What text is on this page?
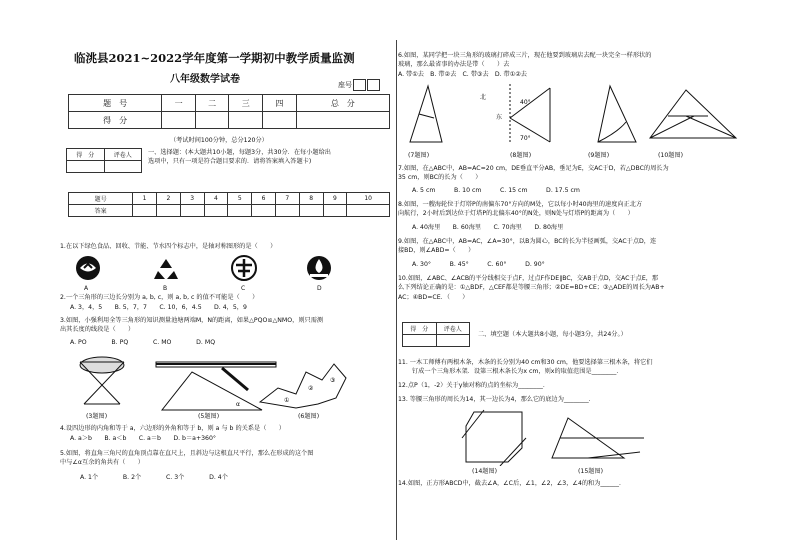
临洮县2021~2022学年度第一学期初中教学质量监测
八年级数学试卷	座号
题　号	一	二	三	四	总　分
得　分					
（考试时间100分钟，总分120分）
得　分	评卷人
		一、选择题：(本大题共10小题，每题3分，共30分．在每小题给出
选项中，只有一项是符合题目要求的．请将答案填入答题卡)
题号	1	2	3	4	5	6	7	8	9	10
答案										
1.在以下绿色食品、回收、节能、节水四个标志中，是轴对称图形的是（　　）
A	B	C	D
2.一个三角形的三边长分别为 a, b, c，则 a, b, c 的值不可能是（　　）
A. 3，4，5　　B. 5，7，7　　C. 10，6，4.5　　D. 4，5，9
3.如图，小强利用全等三角形的知识测量池塘两端M，N的距离，如果△PQO≌△NMO，则只需测
出其长度的线段是（　　）
A. PO　　　　B. PQ　　　　C. MO　　　　D. MQ
α
①
②
③
(3题图)	(5题图)	(6题图)
4.设四边形的内角和等于 a，六边形的外角和等于 b，则 a 与 b 的关系是（　　）
A. a＞b　　B. a＜b　　C. a＝b　　D. b＝a+360°
5.如图，将直角三角尺的直角顶点靠在直尺上，且斜边与这根直尺平行，那么在形成的这个图
中与∠α互余的角共有（　　）
A. 1个　　　　B. 2个　　　　C. 3个　　　　D. 4个
6.如图，某同学把一块三角形的玻璃打碎成三片，现在他要到玻璃店去配一块完全一样形状的
玻璃，那么最省事的办法是带（　　）去
A. 带①去　B. 带②去　C. 带③去　D. 带①②去
40°
70°
北
东
(7题图)	(8题图)	(9题图)	(10题图)
7.如图，在△ABC中，AB=AC=20 cm，DE垂直平分AB，垂足为E，交AC于D，若△DBC的周长为
35 cm，则BC的长为（　　）
A. 5 cm　　　B. 10 cm　　　C. 15 cm　　　D. 17.5 cm
8.如图，一艘海轮位于灯塔P的南偏东70°方向的M处，它以每小时40海里的速度向正北方
向航行，2小时后到达位于灯塔P的北偏东40°的N处，则N处与灯塔P的距离为（　　）
A. 40海里　　B. 60海里　　C. 70海里　　D. 80海里
9.如图，在△ABC中，AB=AC，∠A=30°，以B为圆心，BC的长为半径画弧，交AC于点D，连
接BD，则∠ABD=（　　）
A. 30°　　　B. 45°　　　C. 60°　　　D. 90°
10.如图，∠ABC、∠ACB的平分线相交于点F，过点F作DE∥BC，交AB于点D，交AC于点E，那
么下列结论正确的是：①△BDF，△CEF都是等腰三角形；②DE=BD+CE；③△ADE的周长为AB+
AC；④BD=CE．（　　）
得　分	评卷人

二、填空题（本大题共8小题，每小题3分，共24分。）
11. 一木工师傅有两根木条，木条的长分别为40 cm和30 cm，他要选择第三根木条，将它们
钉成一个三角形木架．设第三根木条长为x cm，则x的取值范围是________．
12.点P（1，-2）关于y轴对称的点的坐标为________．
13. 等腰三角形的周长为14，其一边长为4，那么它的底边为________．
(14题图)	(15题图)
14.如图，正方形ABCD中，截去∠A，∠C后，∠1，∠2，∠3，∠4的和为______．
